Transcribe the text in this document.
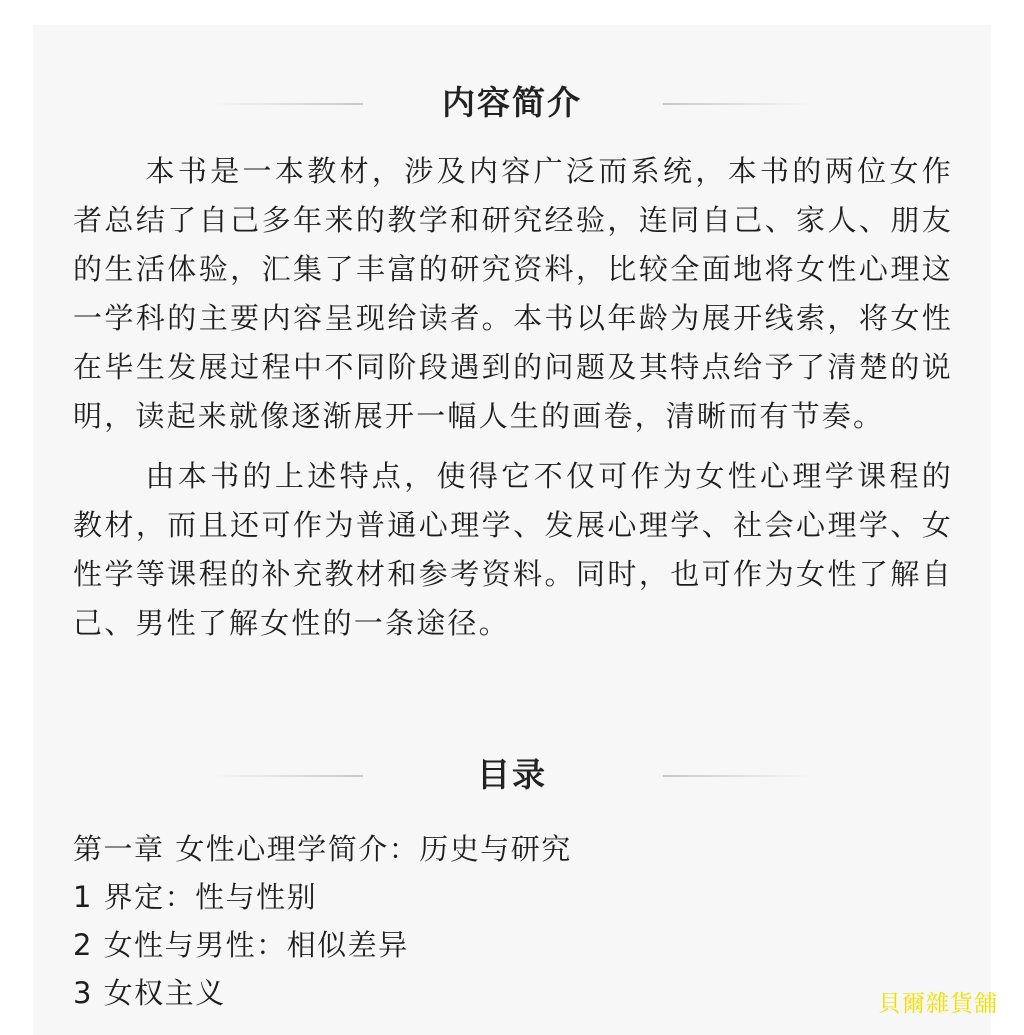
内容简介

本书是一本教材，涉及内容广泛而系统，本书的两位女作者总结了自己多年来的教学和研究经验，连同自己、家人、朋友的生活体验，汇集了丰富的研究资料，比较全面地将女性心理这一学科的主要内容呈现给读者。本书以年龄为展开线索，将女性在毕生发展过程中不同阶段遇到的问题及其特点给予了清楚的说明，读起来就像逐渐展开一幅人生的画卷，清晰而有节奏。

由本书的上述特点，使得它不仅可作为女性心理学课程的教材，而且还可作为普通心理学、发展心理学、社会心理学、女性学等课程的补充教材和参考资料。同时，也可作为女性了解自己、男性了解女性的一条途径。

目录
第一章 女性心理学简介：历史与研究
1 界定：性与性别
2 女性与男性：相似差异
3 女权主义	貝爾雜貨舖
